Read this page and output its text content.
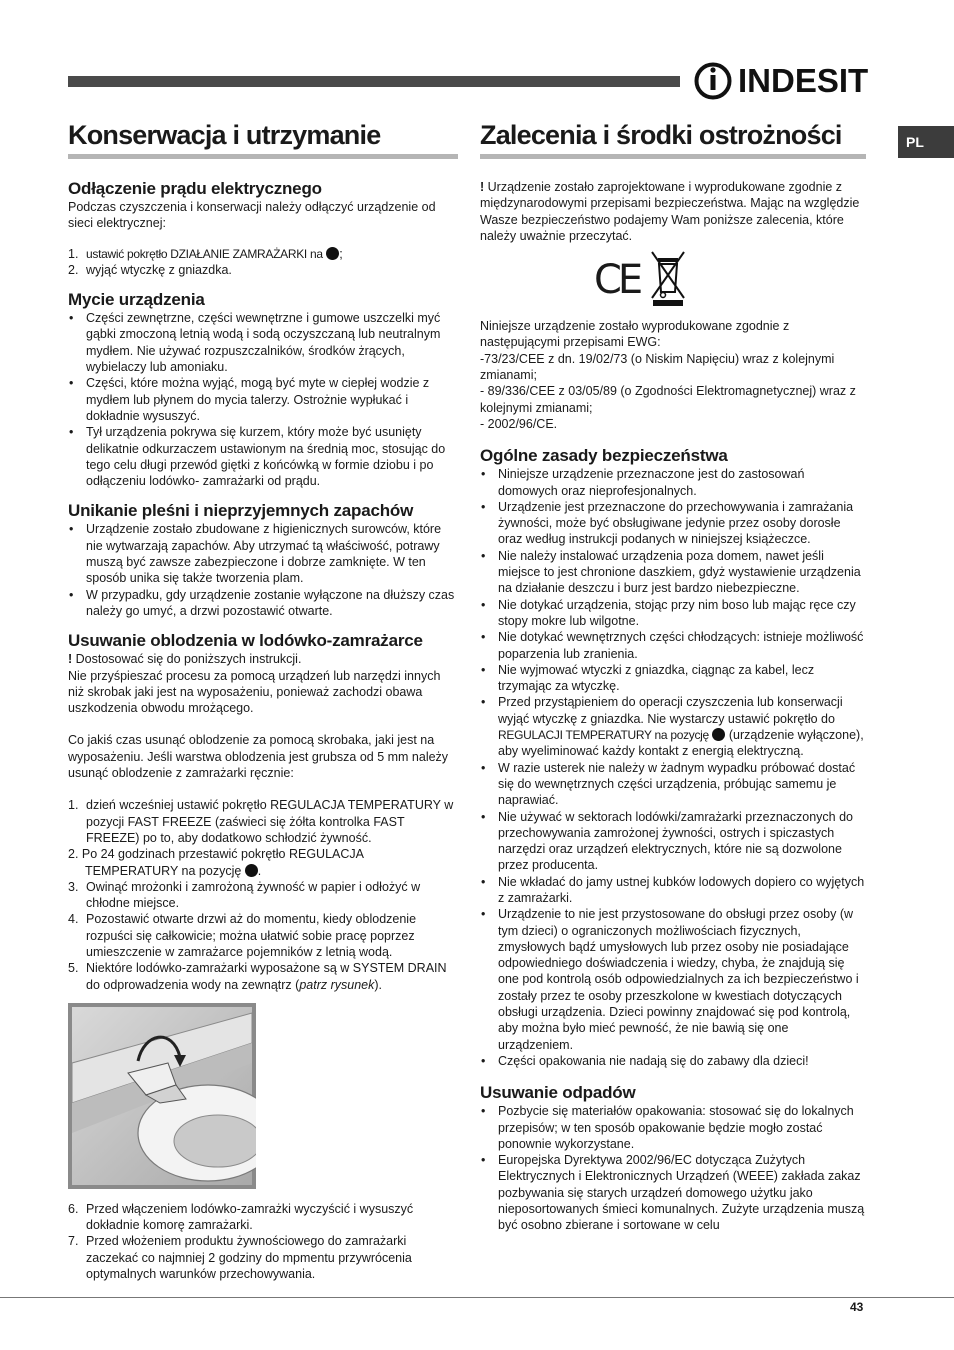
INDESIT
PL
Konserwacja i utrzymanie
Odłączenie prądu elektrycznego

Podczas czyszczenia i konserwacji należy odłączyć urządzenie od sieci elektrycznej:

1. ustawić pokrętło DZIAŁANIE ZAMRAŻARKI na ;
2. wyjąć wtyczkę z gniazdka.
Mycie urządzenia
• Części zewnętrzne, części wewnętrzne i gumowe uszczelki myć gąbki zmoczoną letnią wodą i sodą oczyszczaną lub neutralnym mydłem. Nie używać rozpuszczalników, środków żrących, wybielaczy lub amoniaku.
• Części, które można wyjąć, mogą być myte w ciepłej wodzie z mydłem lub płynem do mycia talerzy. Ostrożnie wypłukać i dokładnie wysuszyć.
• Tył urządzenia pokrywa się kurzem, który może być usunięty delikatnie odkurzaczem ustawionym na średnią moc, stosując do tego celu długi przewód giętki z końcówką w formie dziobu i po odłączeniu lodówko- zamrażarki od prądu.
Unikanie pleśni i nieprzyjemnych zapachów
• Urządzenie zostało zbudowane z higienicznych surowców, które nie wytwarzają zapachów. Aby utrzymać tą właściwość, potrawy muszą być zawsze zabezpieczone i dobrze zamknięte. W ten sposób unika się także tworzenia plam.
• W przypadku, gdy urządzenie zostanie wyłączone na dłuższy czas należy go umyć, a drzwi pozostawić otwarte.
Usuwanie oblodzenia w lodówko-zamrażarce

! Dostosować się do poniższych instrukcji.

Nie przyśpieszać procesu za pomocą urządzeń lub narzędzi innych niż skrobak jaki jest na wyposażeniu, ponieważ zachodzi obawa uszkodzenia obwodu mrożącego.

Co jakiś czas usunąć oblodzenie za pomocą skrobaka, jaki jest na wyposażeniu. Jeśli warstwa oblodzenia jest grubsza od 5 mm należy usunąć oblodzenie z zamrażarki ręcznie:

1. dzień wcześniej ustawić pokrętło REGULACJA TEMPERATURY w pozycji FAST FREEZE (zaświeci się żółta kontrolka FAST FREEZE) po to, aby dodatkowo schłodzić żywność.

2. Po 24 godzinach przestawić pokrętło REGULACJA
TEMPERATURY na pozycję .

3. Owinąć mrożonki i zamrożoną żywność w papier i odłożyć w chłodne miejsce.
4. Pozostawić otwarte drzwi aż do momentu, kiedy oblodzenie rozpuści się całkowicie; można ułatwić sobie pracę poprzez umieszczenie w zamrażarce pojemników z letnią wodą.
5. Niektóre lodówko-zamrażarki wyposażone są w SYSTEM DRAIN do odprowadzenia wody na zewnątrz (patrz rysunek).
6. Przed włączeniem lodówko-zamrażki wyczyścić i wysuszyć dokładnie komorę zamrażarki.
7. Przed włożeniem produktu żywnościowego do zamrażarki zaczekać co najmniej 2 godziny do mpmentu przywrócenia optymalnych warunków przechowywania.
Zalecenia i środki ostrożności

! Urządzenie zostało zaprojektowane i wyprodukowane zgodnie z międzynarodowymi przepisami bezpieczeństwa. Mając na względzie Wasze bezpieczeństwo podajemy Wam poniższe zalecenia, które należy uważnie przeczytać.

CE

Niniejsze urządzenie zostało wyprodukowane zgodnie z następującymi przepisami EWG:

-73/23/CEE z dn. 19/02/73 (o Niskim Napięciu) wraz z kolejnymi zmianami;

- 89/336/CEE z 03/05/89 (o Zgodności Elektromagnetycznej) wraz z kolejnymi zmianami;

- 2002/96/CE.

Ogólne zasady bezpieczeństwa
• Niniejsze urządzenie przeznaczone jest do zastosowań domowych oraz nieprofesjonalnych.
• Urządzenie jest przeznaczone do przechowywania i zamrażania żywności, może być obsługiwane jedynie przez osoby dorosłe oraz według instrukcji podanych w niniejszej książeczce.
• Nie należy instalować urządzenia poza domem, nawet jeśli miejsce to jest chronione daszkiem, gdyż wystawienie urządzenia na działanie deszczu i burz jest bardzo niebezpieczne.
• Nie dotykać urządzenia, stojąc przy nim boso lub mając ręce czy stopy mokre lub wilgotne.
• Nie dotykać wewnętrznych części chłodzących: istnieje możliwość poparzenia lub zranienia.
• Nie wyjmować wtyczki z gniazdka, ciągnąc za kabel, lecz trzymając za wtyczkę.
• Przed przystąpieniem do operacji czyszczenia lub konserwacji wyjąć wtyczkę z gniazdka. Nie wystarczy ustawić pokrętło do REGULACJI TEMPERATURY na pozycję  (urządzenie wyłączone), aby wyeliminować każdy kontakt z energią elektryczną.
• W razie usterek nie należy w żadnym wypadku próbować dostać się do wewnętrznych części urządzenia, próbując samemu je naprawiać.
• Nie używać w sektorach lodówki/zamrażarki przeznaczonych do przechowywania zamrożonej żywności, ostrych i spiczastych narzędzi oraz urządzeń elektrycznych, które nie są dozwolone przez producenta.
• Nie wkładać do jamy ustnej kubków lodowych dopiero co wyjętych z zamrażarki.
• Urządzenie to nie jest przystosowane do obsługi przez osoby (w tym dzieci) o ograniczonych możliwościach fizycznych, zmysłowych bądź umysłowych lub przez osoby nie posiadające odpowiedniego doświadczenia i wiedzy, chyba, że znajdują się one pod kontrolą osób odpowiedzialnych za ich bezpieczeństwo i zostały przez te osoby przeszkolone w kwestiach dotyczących obsługi urządzenia. Dzieci powinny znajdować się pod kontrolą, aby można było mieć pewność, że nie bawią się one urządzeniem.
• Części opakowania nie nadają się do zabawy dla dzieci!
Usuwanie odpadów
• Pozbycie się materiałów opakowania: stosować się do lokalnych przepisów; w ten sposób opakowanie będzie mogło zostać ponownie wykorzystane.
• Europejska Dyrektywa 2002/96/EC dotycząca Zużytych Elektrycznych i Elektronicznych Urządzeń (WEEE) zakłada zakaz pozbywania się starych urządzeń domowego użytku jako nieposortowanych śmieci komunalnych. Zużyte urządzenia muszą być osobno zbierane i sortowane w celu
43
